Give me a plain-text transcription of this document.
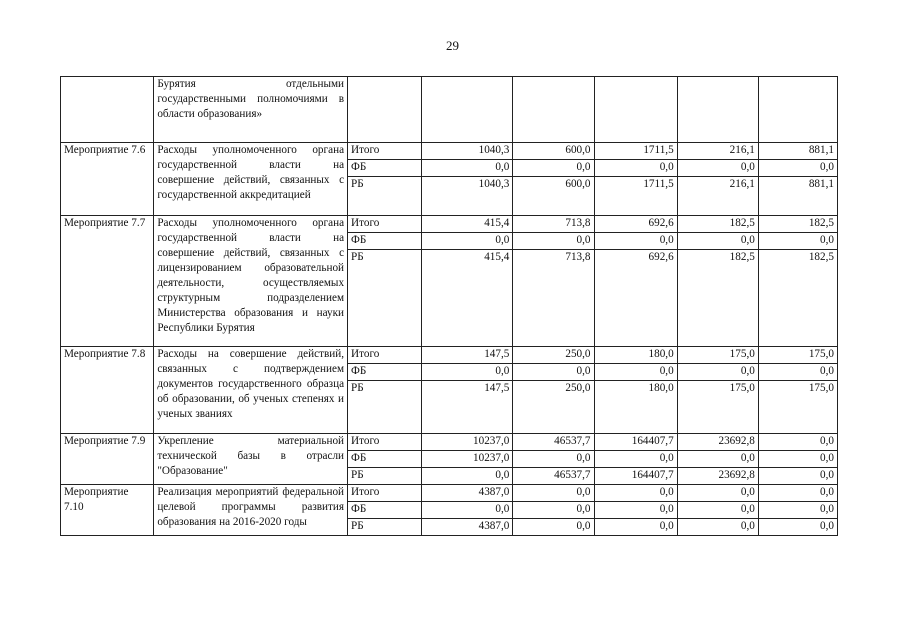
29
	Бурятия отдельными государственными полномочиями в области образования»						
Мероприятие 7.6	Расходы уполномоченного органа государственной власти на совершение действий, связанных с государственной аккредитацией	Итого	1040,3	600,0	1711,5	216,1	881,1
		ФБ	0,0	0,0	0,0	0,0	0,0
		РБ	1040,3	600,0	1711,5	216,1	881,1
Мероприятие 7.7	Расходы уполномоченного органа государственной власти на совершение действий, связанных с лицензированием образовательной деятельности, осуществляемых структурным подразделением Министерства образования и науки Республики Бурятия	Итого	415,4	713,8	692,6	182,5	182,5
		ФБ	0,0	0,0	0,0	0,0	0,0
		РБ	415,4	713,8	692,6	182,5	182,5
Мероприятие 7.8	Расходы на совершение действий, связанных с подтверждением документов государственного образца об образовании, об ученых степенях и ученых званиях	Итого	147,5	250,0	180,0	175,0	175,0
		ФБ	0,0	0,0	0,0	0,0	0,0
		РБ	147,5	250,0	180,0	175,0	175,0
Мероприятие 7.9	Укрепление материальной технической базы в отрасли "Образование"	Итого	10237,0	46537,7	164407,7	23692,8	0,0
		ФБ	10237,0	0,0	0,0	0,0	0,0
		РБ	0,0	46537,7	164407,7	23692,8	0,0
Мероприятие 7.10	Реализация мероприятий федеральной целевой программы развития образования на 2016-2020 годы	Итого	4387,0	0,0	0,0	0,0	0,0
		ФБ	0,0	0,0	0,0	0,0	0,0
		РБ	4387,0	0,0	0,0	0,0	0,0
